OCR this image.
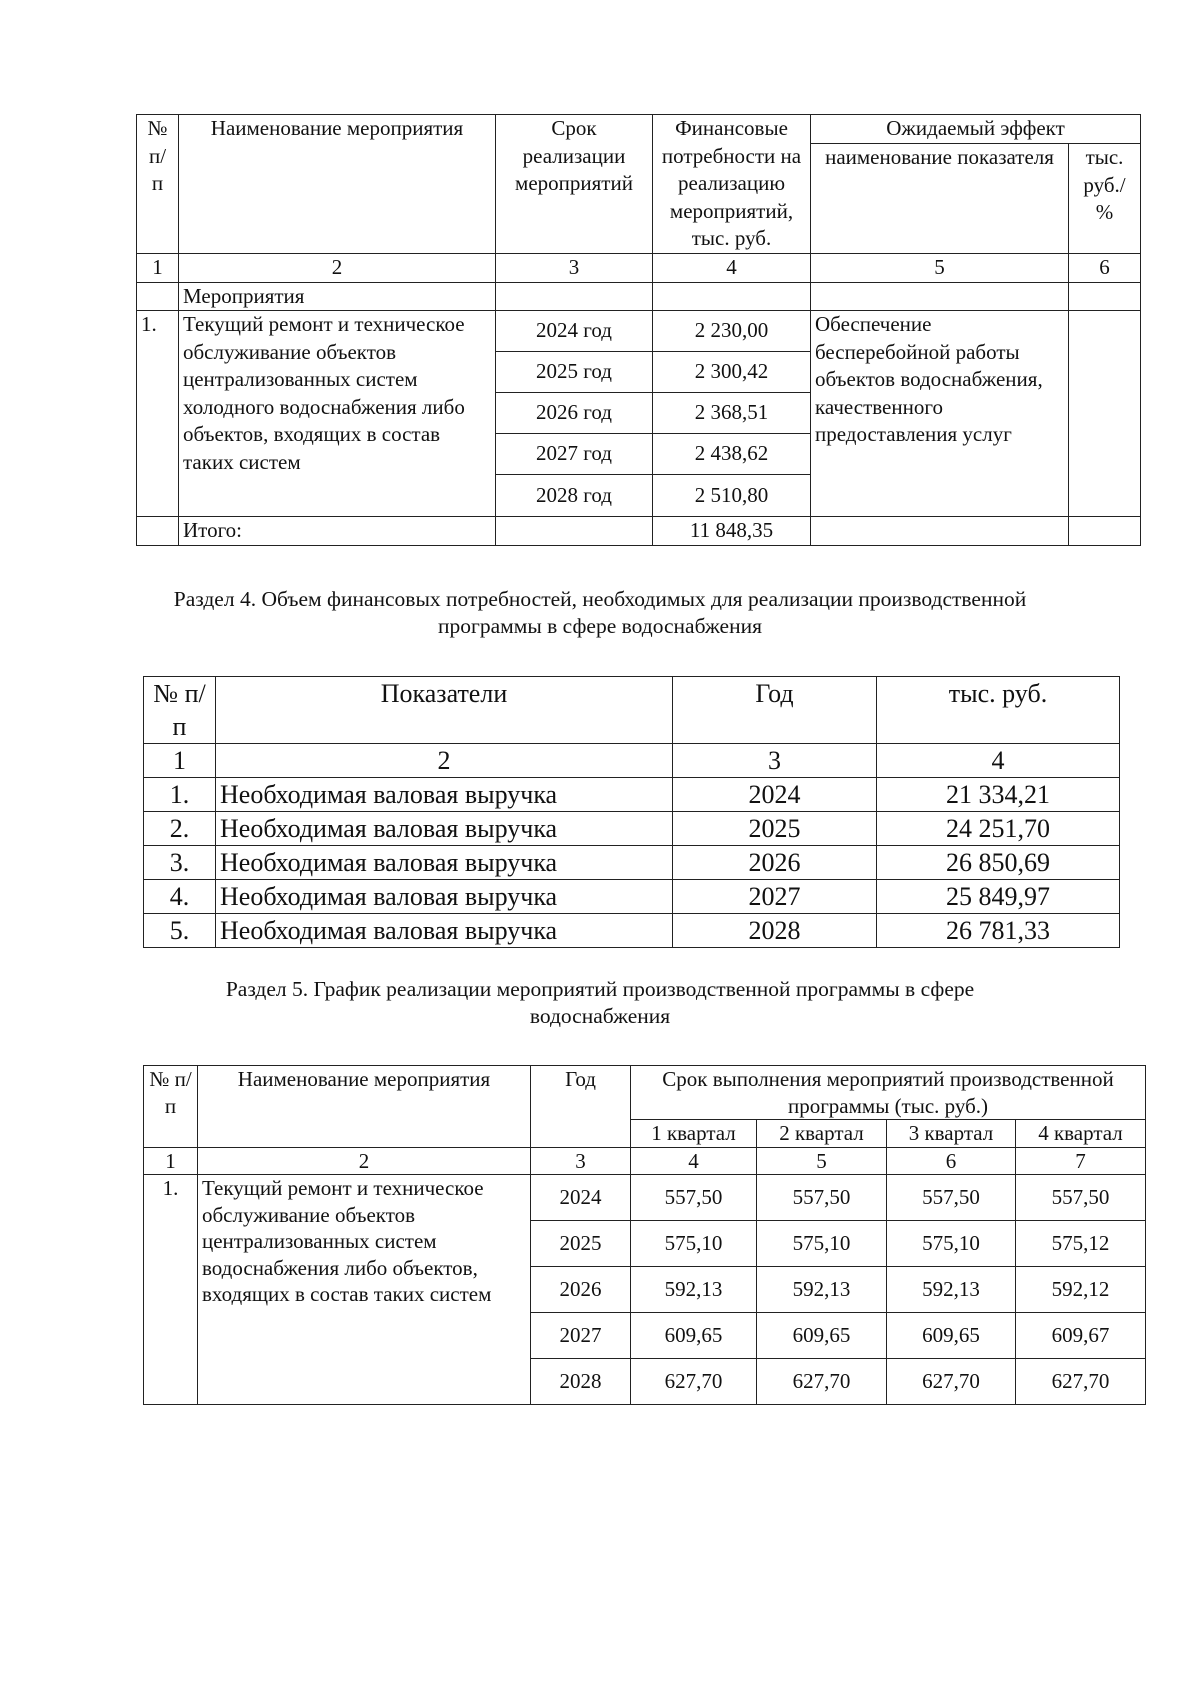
№ п/ п	Наименование мероприятия	Срок реализации мероприятий	Финансовые потребности на реализацию мероприятий, тыс. руб.	Ожидаемый эффект	
				наименование показателя	тыс. руб./ %
1	2	3	4	5	6
	Мероприятия				
1.	Текущий ремонт и техническое обслуживание объектов централизованных систем холодного водоснабжения либо объектов, входящих в состав таких систем	2024 год	2 230,00	Обеспечение бесперебойной работы объектов водоснабжения, качественного предоставления услуг	
		2025 год	2 300,42		
		2026 год	2 368,51		
		2027 год	2 438,62		
		2028 год	2 510,80		
	Итого:		11 848,35		
Раздел 4. Объем финансовых потребностей, необходимых для реализации производственной
программы в сфере водоснабжения
№ п/п	Показатели	Год	тыс. руб.
1	2	3	4
1.	Необходимая валовая выручка	2024	21 334,21
2.	Необходимая валовая выручка	2025	24 251,70
3.	Необходимая валовая выручка	2026	26 850,69
4.	Необходимая валовая выручка	2027	25 849,97
5.	Необходимая валовая выручка	2028	26 781,33
Раздел 5. График реализации мероприятий производственной программы в сфере
водоснабжения
№ п/ п	Наименование мероприятия	Год	Срок выполнения мероприятий производственной программы (тыс. руб.)			
			1 квартал	2 квартал	3 квартал	4 квартал
1	2	3	4	5	6	7
1.	Текущий ремонт и техническое обслуживание объектов централизованных систем водоснабжения либо объектов, входящих в состав таких систем	2024	557,50	557,50	557,50	557,50
		2025	575,10	575,10	575,10	575,12
		2026	592,13	592,13	592,13	592,12
		2027	609,65	609,65	609,65	609,67
		2028	627,70	627,70	627,70	627,70
